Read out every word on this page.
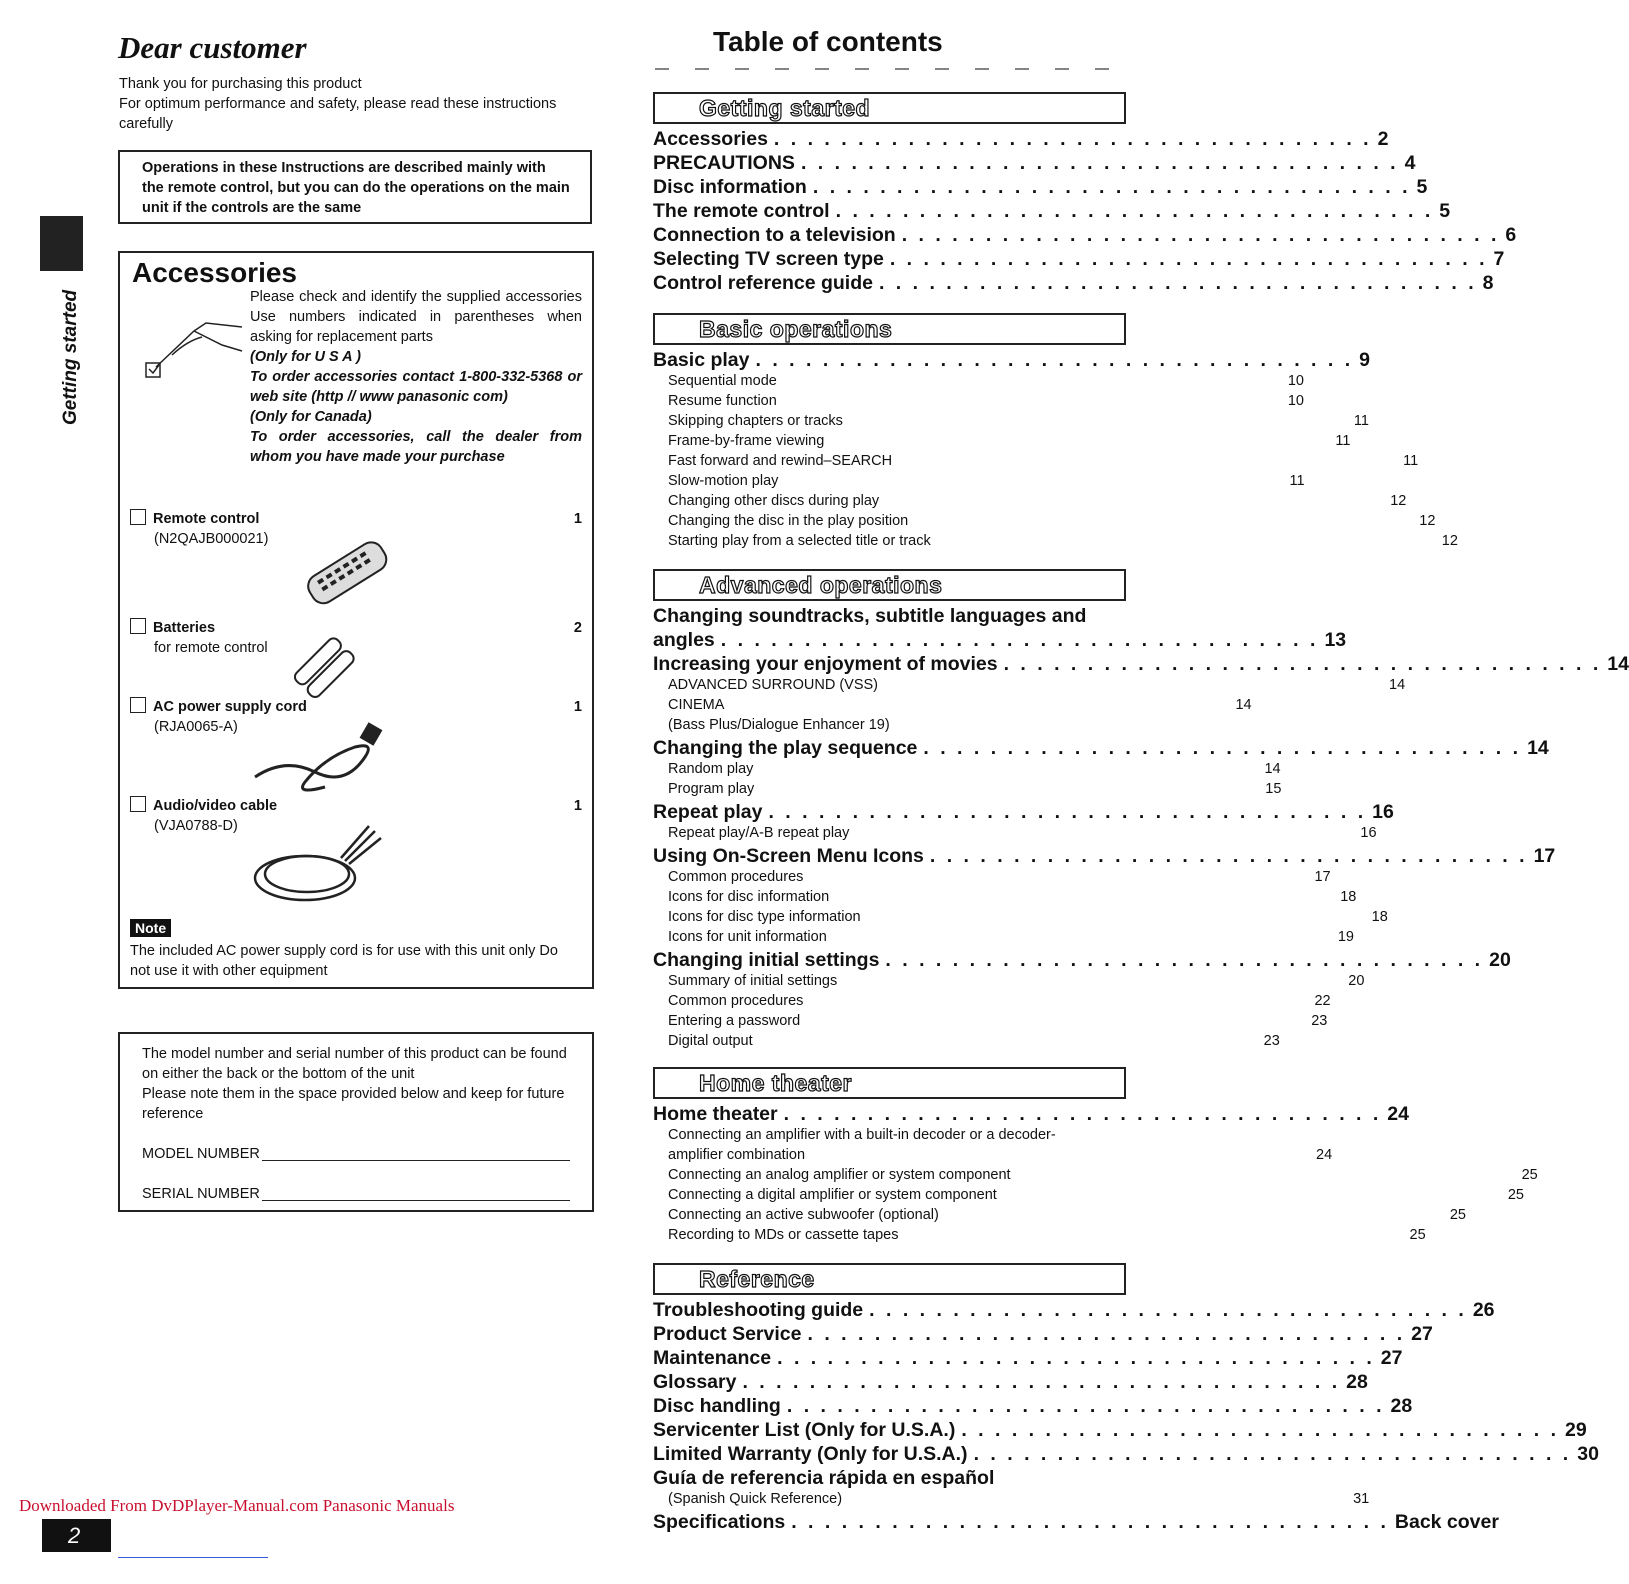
Dear customer
Thank you for purchasing this product
For optimum performance and safety, please read these instructions carefully
Operations in these Instructions are described mainly with the remote control, but you can do the operations on the main unit if the controls are the same
Accessories
Please check and identify the supplied accessories Use numbers indicated in parentheses when asking for replacement parts
(Only for U S A )
To order accessories contact 1-800-332-5368 or web site (http // www panasonic com)
(Only for Canada)
To order accessories, call the dealer from whom you have made your purchase
Remote control	1
(N2QAJB000021)
Batteries	2
for remote control
AC power supply cord	1
(RJA0065-A)
Audio/video cable	1
(VJA0788-D)
Note
The included AC power supply cord is for use with this unit only Do not use it with other equipment
The model number and serial number of this product can be found on either the back or the bottom of the unit
Please note them in the space provided below and keep for future reference
MODEL NUMBER
SERIAL NUMBER
Getting started
Downloaded From DvDPlayer-Manual.com Panasonic Manuals
2
Table of contents
Getting started
Accessories . . . . . . . . . . . . . . . . . . . . . . . . . . . . . . . . . . . . 2
PRECAUTIONS . . . . . . . . . . . . . . . . . . . . . . . . . . . . . . . . . . . . 4
Disc information . . . . . . . . . . . . . . . . . . . . . . . . . . . . . . . . . . . . 5
The remote control . . . . . . . . . . . . . . . . . . . . . . . . . . . . . . . . . . . . 5
Connection to a television . . . . . . . . . . . . . . . . . . . . . . . . . . . . . . . . . . . . 6
Selecting TV screen type . . . . . . . . . . . . . . . . . . . . . . . . . . . . . . . . . . . . 7
Control reference guide . . . . . . . . . . . . . . . . . . . . . . . . . . . . . . . . . . . . 8
Basic operations
Basic play . . . . . . . . . . . . . . . . . . . . . . . . . . . . . . . . . . . . 9
Sequential mode	10
Resume function	10
Skipping chapters or tracks	11
Frame-by-frame viewing	11
Fast forward and rewind–SEARCH	11
Slow-motion play	11
Changing other discs during play	12
Changing the disc in the play position	12
Starting play from a selected title or track	12
Advanced operations
Changing soundtracks, subtitle languages and
angles . . . . . . . . . . . . . . . . . . . . . . . . . . . . . . . . . . . . 13
Increasing your enjoyment of movies . . . . . . . . . . . . . . . . . . . . . . . . . . . . . . . . . . . . 14
ADVANCED SURROUND (VSS)	14
CINEMA	14
(Bass Plus/Dialogue Enhancer 19)
Changing the play sequence . . . . . . . . . . . . . . . . . . . . . . . . . . . . . . . . . . . . 14
Random play	14
Program play	15
Repeat play . . . . . . . . . . . . . . . . . . . . . . . . . . . . . . . . . . . . 16
Repeat play/A-B repeat play	16
Using On-Screen Menu Icons . . . . . . . . . . . . . . . . . . . . . . . . . . . . . . . . . . . . 17
Common procedures	17
Icons for disc information	18
Icons for disc type information	18
Icons for unit information	19
Changing initial settings . . . . . . . . . . . . . . . . . . . . . . . . . . . . . . . . . . . . 20
Summary of initial settings	20
Common procedures	22
Entering a password	23
Digital output	23
Home theater
Home theater . . . . . . . . . . . . . . . . . . . . . . . . . . . . . . . . . . . . 24
Connecting an amplifier with a built-in decoder or a decoder-
amplifier combination	24
Connecting an analog amplifier or system component	25
Connecting a digital amplifier or system component	25
Connecting an active subwoofer (optional)	25
Recording to MDs or cassette tapes	25
Reference
Troubleshooting guide . . . . . . . . . . . . . . . . . . . . . . . . . . . . . . . . . . . . 26
Product Service . . . . . . . . . . . . . . . . . . . . . . . . . . . . . . . . . . . . 27
Maintenance . . . . . . . . . . . . . . . . . . . . . . . . . . . . . . . . . . . . 27
Glossary . . . . . . . . . . . . . . . . . . . . . . . . . . . . . . . . . . . . 28
Disc handling . . . . . . . . . . . . . . . . . . . . . . . . . . . . . . . . . . . . 28
Servicenter List (Only for U.S.A.) . . . . . . . . . . . . . . . . . . . . . . . . . . . . . . . . . . . . 29
Limited Warranty (Only for U.S.A.) . . . . . . . . . . . . . . . . . . . . . . . . . . . . . . . . . . . . 30
Guía de referencia rápida en español
(Spanish Quick Reference)	31
Specifications . . . . . . . . . . . . . . . . . . . . . . . . . . . . . . . . . . . . Back cover
